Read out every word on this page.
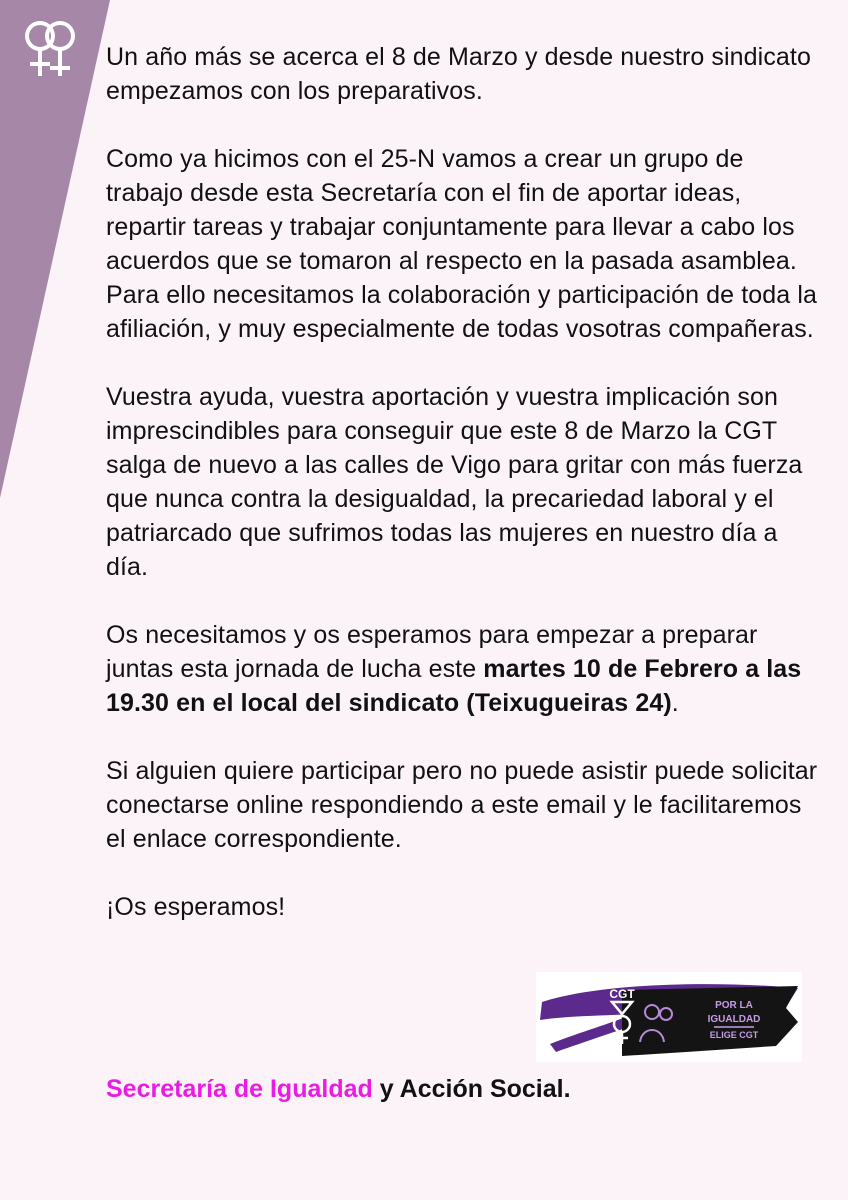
Un año más se acerca el 8 de Marzo y desde nuestro sindicato empezamos con los preparativos.

Como ya hicimos con el 25-N vamos a crear un grupo de trabajo desde esta Secretaría con el fin de aportar ideas, repartir tareas y trabajar conjuntamente para llevar a cabo los acuerdos que se tomaron al respecto en la pasada asamblea. Para ello necesitamos la colaboración y participación de toda la afiliación, y muy especialmente de todas vosotras compañeras.

Vuestra ayuda, vuestra aportación y vuestra implicación son imprescindibles para conseguir que este 8 de Marzo la CGT salga de nuevo a las calles de Vigo para gritar con más fuerza que nunca contra la desigualdad, la precariedad laboral y el patriarcado que sufrimos todas las mujeres en nuestro día a día.

Os necesitamos y os esperamos para empezar a preparar juntas esta jornada de lucha este martes 10 de Febrero a las 19.30 en el local del sindicato (Teixugueiras 24).

Si alguien quiere participar pero no puede asistir puede solicitar conectarse online respondiendo a este email y le facilitaremos el enlace correspondiente.

¡Os esperamos!

Secretaría de Igualdad y Acción Social.
CGT
POR LA
IGUALDAD
ELIGE CGT
